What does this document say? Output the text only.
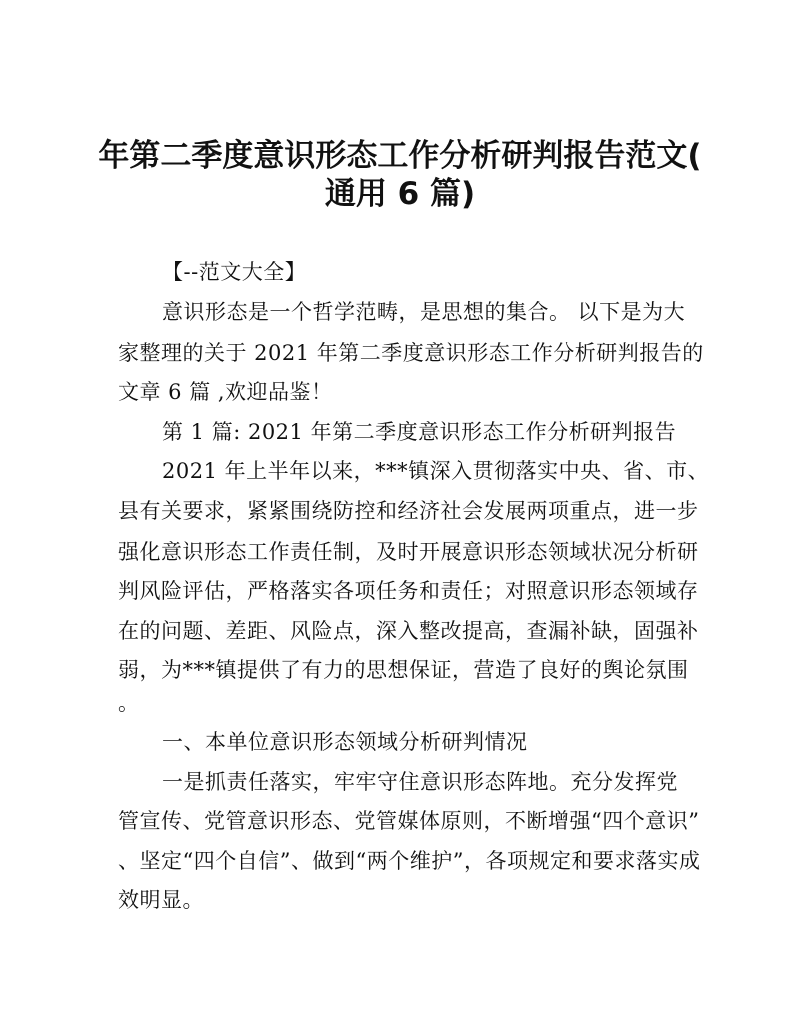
年第二季度意识形态工作分析研判报告范文(
通用 6 篇)
【--范文大全】
意识形态是一个哲学范畴，是思想的集合。 以下是为大
家整理的关于 2021 年第二季度意识形态工作分析研判报告的
文章 6 篇 ,欢迎品鉴！
第 1 篇: 2021 年第二季度意识形态工作分析研判报告
2021 年上半年以来，***镇深入贯彻落实中央、省、市、
县有关要求，紧紧围绕防控和经济社会发展两项重点，进一步
强化意识形态工作责任制，及时开展意识形态领域状况分析研
判风险评估，严格落实各项任务和责任；对照意识形态领域存
在的问题、差距、风险点，深入整改提高，查漏补缺，固强补
弱，为***镇提供了有力的思想保证，营造了良好的舆论氛围
。
一、本单位意识形态领域分析研判情况
一是抓责任落实，牢牢守住意识形态阵地。充分发挥党
管宣传、党管意识形态、党管媒体原则，不断增强“四个意识”
、坚定“四个自信”、做到“两个维护”，各项规定和要求落实成
效明显。
